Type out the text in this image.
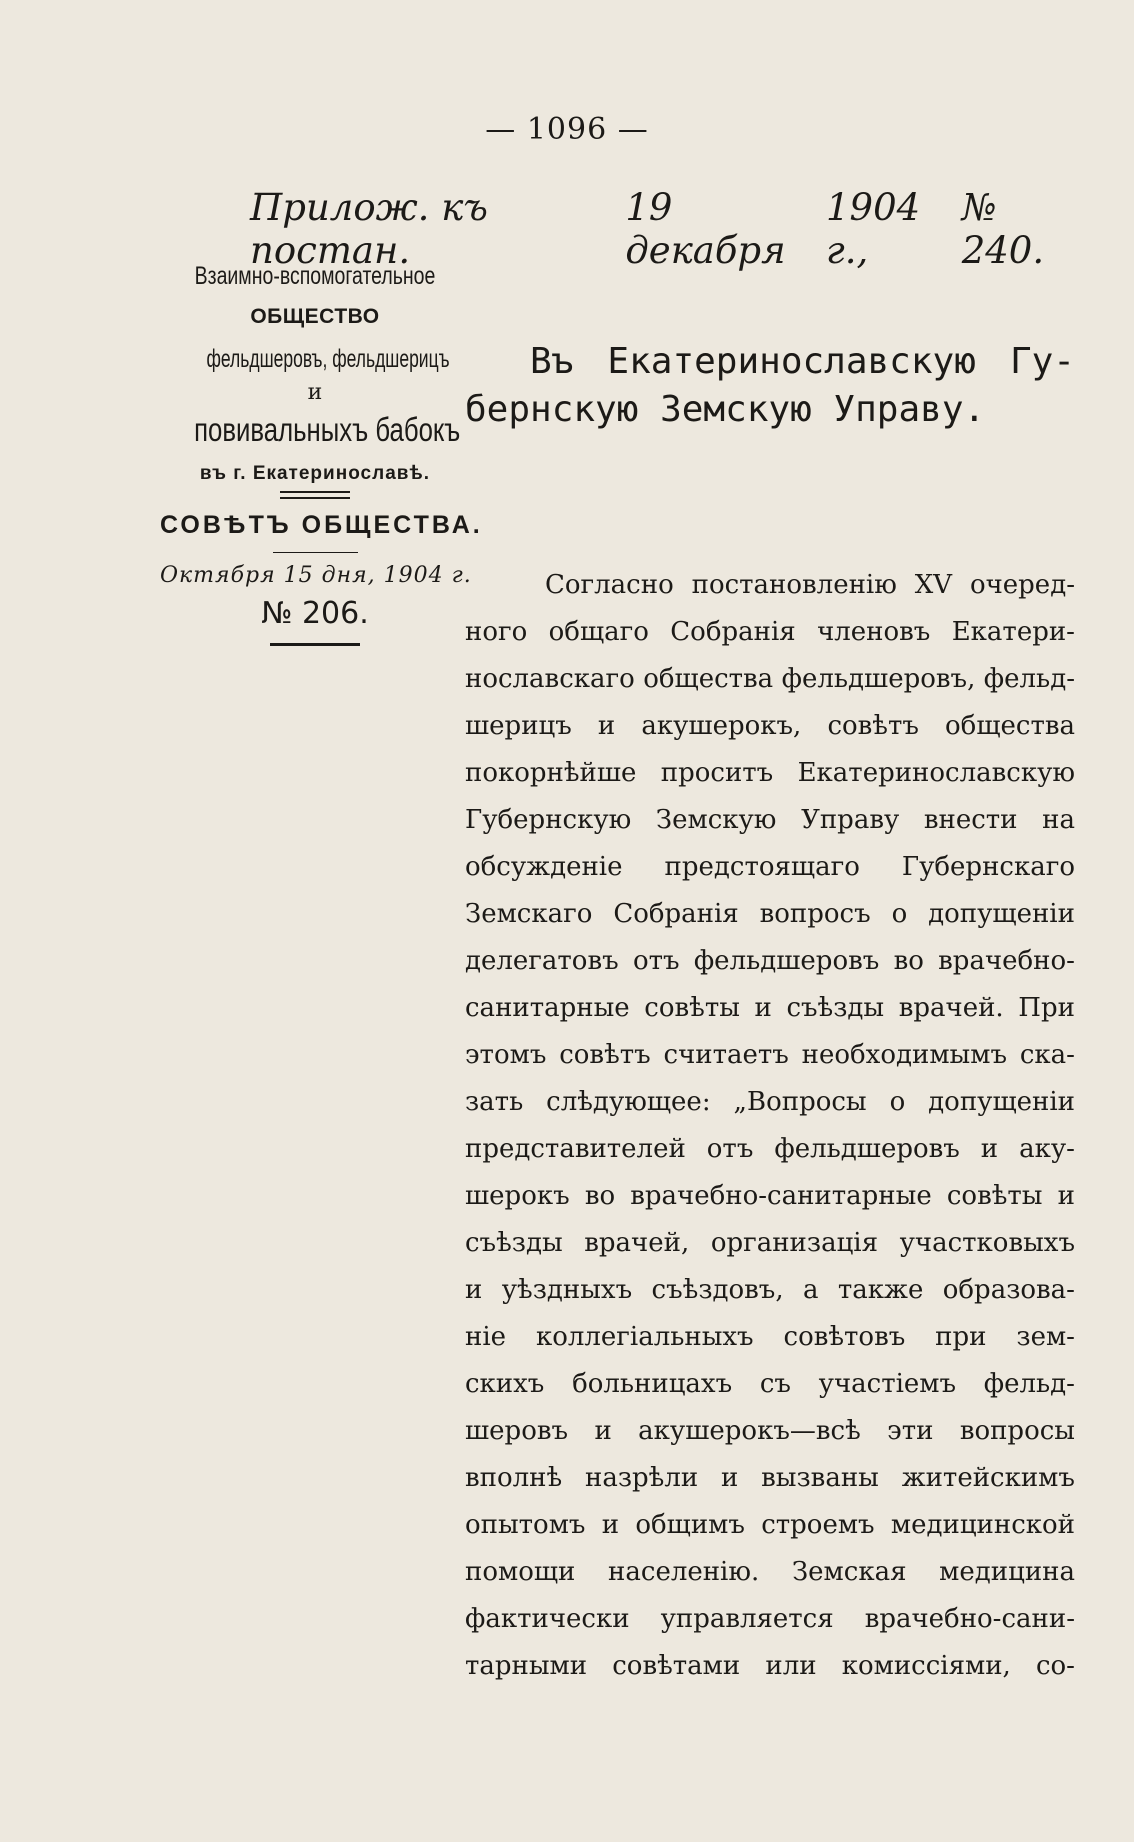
— 1096 —
Прилож. къ постан.
19 декабря
1904 г.,
№ 240.
Взаимно-вспомогательное
ОБЩЕСТВО
фельдшеровъ, фельдшерицъ
и
повивальныхъ бабокъ
въ г. Екатеринославѣ.
СОВѢТЪ ОБЩЕСТВА.
Октября 15 дня, 1904 г.
№ 206.
Въ Екатеринославскую Гу-
бернскую Земскую Управу.
Согласно постановленію XV очеред-
ного общаго Собранія членовъ Екатери-
нославскаго общества фельдшеровъ, фельд-
шерицъ и акушерокъ, совѣтъ общества
покорнѣйше проситъ Екатеринославскую
Губернскую Земскую Управу внести на
обсужденіе предстоящаго Губернскаго
Земскаго Собранія вопросъ о допущеніи
делегатовъ отъ фельдшеровъ во врачебно-
санитарные совѣты и съѣзды врачей. При
этомъ совѣтъ считаетъ необходимымъ ска-
зать слѣдующее: „Вопросы о допущеніи
представителей отъ фельдшеровъ и аку-
шерокъ во врачебно-санитарные совѣты и
съѣзды врачей, организація участковыхъ
и уѣздныхъ съѣздовъ, а также образова-
ніе коллегіальныхъ совѣтовъ при зем-
скихъ больницахъ съ участіемъ фельд-
шеровъ и акушерокъ—всѣ эти вопросы
вполнѣ назрѣли и вызваны житейскимъ
опытомъ и общимъ строемъ медицинской
помощи населенію. Земская медицина
фактически управляется врачебно-сани-
тарными совѣтами или комиссіями, со-
